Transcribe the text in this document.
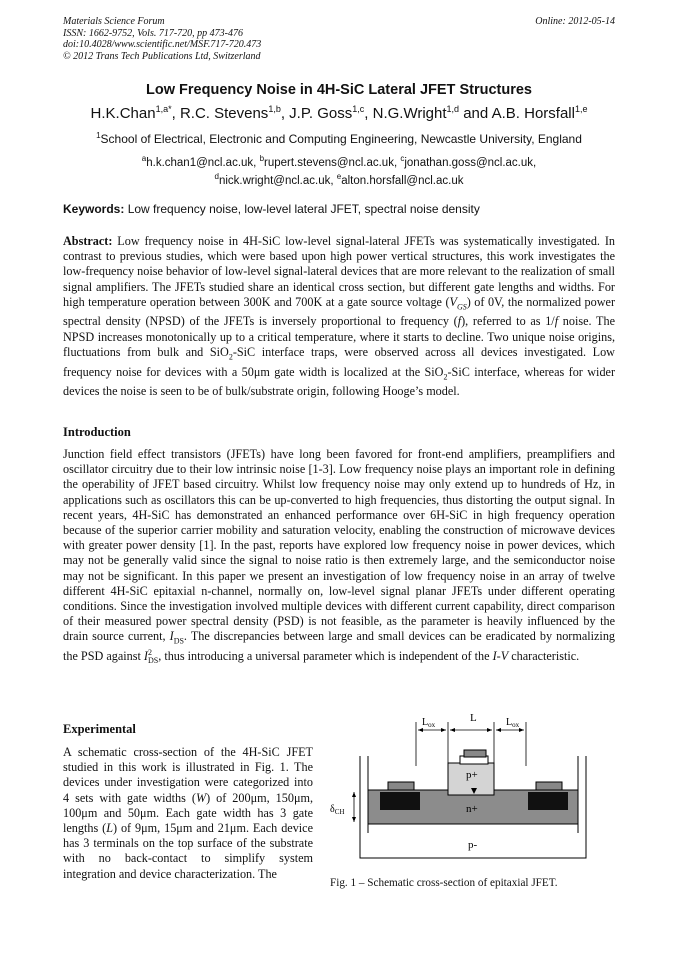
Materials Science Forum
ISSN: 1662-9752, Vols. 717-720, pp 473-476
doi:10.4028/www.scientific.net/MSF.717-720.473
© 2012 Trans Tech Publications Ltd, Switzerland
Online: 2012-05-14
Low Frequency Noise in 4H-SiC Lateral JFET Structures
H.K.Chan$^{1,a*}$, R.C. Stevens$^{1,b}$, J.P. Goss$^{1,c}$, N.G.Wright$^{1,d}$ and A.B. Horsfall$^{1,e}$
$^1$School of Electrical, Electronic and Computing Engineering, Newcastle University, England
$^a$h.k.chan1@ncl.ac.uk, $^b$rupert.stevens@ncl.ac.uk, $^c$jonathan.goss@ncl.ac.uk,
$^d$nick.wright@ncl.ac.uk, $^e$alton.horsfall@ncl.ac.uk
Keywords: Low frequency noise, low-level lateral JFET, spectral noise density
Abstract: Low frequency noise in 4H-SiC low-level signal-lateral JFETs was systematically investigated. In contrast to previous studies, which were based upon high power vertical structures, this work investigates the low-frequency noise behavior of low-level signal-lateral devices that are more relevant to the realization of small signal amplifiers. The JFETs studied share an identical cross section, but different gate lengths and widths. For high temperature operation between 300K and 700K at a gate source voltage $(V_{GS})$ of 0V, the normalized power spectral density (NPSD) of the JFETs is inversely proportional to frequency (f), referred to as 1/f noise. The NPSD increases monotonically up to a critical temperature, where it starts to decline. Two unique noise origins, fluctuations from bulk and SiO$_2$-SiC interface traps, were observed across all devices investigated. Low frequency noise for devices with a 50μm gate width is localized at the SiO$_2$-SiC interface, whereas for wider devices the noise is seen to be of bulk/substrate origin, following Hooge’s model.
Introduction
Junction field effect transistors (JFETs) have long been favored for front-end amplifiers, preamplifiers and oscillator circuitry due to their low intrinsic noise [1-3]. Low frequency noise plays an important role in defining the operability of JFET based circuitry. Whilst low frequency noise may only extend up to hundreds of Hz, in applications such as oscillators this can be up-converted to high frequencies, thus distorting the output signal. In recent years, 4H-SiC has demonstrated an enhanced performance over 6H-SiC in high frequency operation because of the superior carrier mobility and saturation velocity, enabling the construction of microwave devices with greater power density [1]. In the past, reports have explored low frequency noise in power devices, which may not be generally valid since the signal to noise ratio is then extremely large, and the semiconductor noise may not be significant. In this paper we present an investigation of low frequency noise in an array of twelve different 4H-SiC epitaxial n-channel, normally on, low-level signal planar JFETs under different operating conditions. Since the investigation involved multiple devices with different current capability, direct comparison of their measured power spectral density (PSD) is not feasible, as the parameter is heavily influenced by the drain source current, $I_{DS}$. The discrepancies between large and small devices can be eradicated by normalizing the PSD against I 2
DS , thus introducing a universal parameter which is independent of the I-V characteristic.
Experimental
A schematic cross-section of the 4H-SiC JFET studied in this work is illustrated in Fig. 1. The devices under investigation were categorized into 4 sets with gate widths (W) of 200μm, 150μm, 100μm and 50μm. Each gate width has 3 gate lengths (L) of 9μm, 15μm and 21μm. Each device has 3 terminals on the top surface of the substrate with no back-contact to simplify system integration and device characterization. The
L
$L_{ox}$	$L_{ox}$
p+
n+
p-
$\delta_{CH}$
Fig. 1 – Schematic cross-section of epitaxial JFET.
